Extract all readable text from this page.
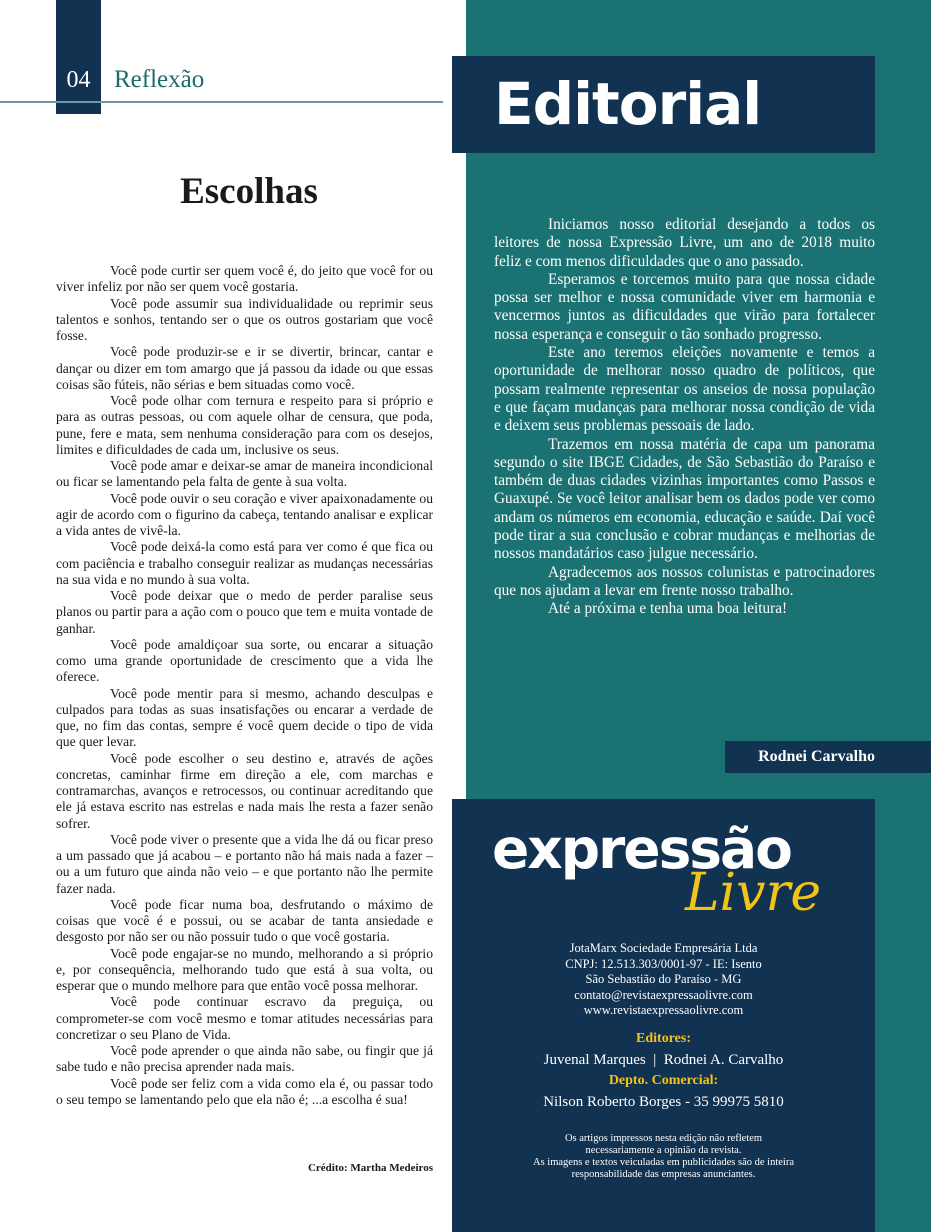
04 Reflexão	Editorial
Escolhas

Você pode curtir ser quem você é, do jeito que você for ou viver infeliz por não ser quem você gostaria.

Você pode assumir sua individualidade ou reprimir seus talentos e sonhos, tentando ser o que os outros gostariam que você fosse.

Você pode produzir-se e ir se divertir, brincar, cantar e dançar ou dizer em tom amargo que já passou da idade ou que essas coisas são fúteis, não sérias e bem situadas como você.

Você pode olhar com ternura e respeito para si próprio e para as outras pessoas, ou com aquele olhar de censura, que poda, pune, fere e mata, sem nenhuma consideração para com os desejos, limites e dificuldades de cada um, inclusive os seus.

Você pode amar e deixar-se amar de maneira incondicional ou ficar se lamentando pela falta de gente à sua volta.

Você pode ouvir o seu coração e viver apaixonadamente ou agir de acordo com o figurino da cabeça, tentando analisar e explicar a vida antes de vivê-la.

Você pode deixá-la como está para ver como é que fica ou com paciência e trabalho conseguir realizar as mudanças necessárias na sua vida e no mundo à sua volta.

Você pode deixar que o medo de perder paralise seus planos ou partir para a ação com o pouco que tem e muita vontade de ganhar.

Você pode amaldiçoar sua sorte, ou encarar a situação como uma grande oportunidade de crescimento que a vida lhe oferece.

Você pode mentir para si mesmo, achando desculpas e culpados para todas as suas insatisfações ou encarar a verdade de que, no fim das contas, sempre é você quem decide o tipo de vida que quer levar.

Você pode escolher o seu destino e, através de ações concretas, caminhar firme em direção a ele, com marchas e contramarchas, avanços e retrocessos, ou continuar acreditando que ele já estava escrito nas estrelas e nada mais lhe resta a fazer senão sofrer.

Você pode viver o presente que a vida lhe dá ou ficar preso a um passado que já acabou – e portanto não há mais nada a fazer – ou a um futuro que ainda não veio – e que portanto não lhe permite fazer nada.

Você pode ficar numa boa, desfrutando o máximo de coisas que você é e possui, ou se acabar de tanta ansiedade e desgosto por não ser ou não possuir tudo o que você gostaria.

Você pode engajar-se no mundo, melhorando a si próprio e, por consequência, melhorando tudo que está à sua volta, ou esperar que o mundo melhore para que então você possa melhorar.

Você pode continuar escravo da preguiça, ou comprometer-se com você mesmo e tomar atitudes necessárias para concretizar o seu Plano de Vida.

Você pode aprender o que ainda não sabe, ou fingir que já sabe tudo e não precisa aprender nada mais.

Você pode ser feliz com a vida como ela é, ou passar todo o seu tempo se lamentando pelo que ela não é; ...a escolha é sua!

Crédito: Martha Medeiros

Iniciamos nosso editorial desejando a todos os leitores de nossa Expressão Livre, um ano de 2018 muito feliz e com menos dificuldades que o ano passado.

Esperamos e torcemos muito para que nossa cidade possa ser melhor e nossa comunidade viver em harmonia e vencermos juntos as dificuldades que virão para fortalecer nossa esperança e conseguir o tão sonhado progresso.

Este ano teremos eleições novamente e temos a oportunidade de melhorar nosso quadro de políticos, que possam realmente representar os anseios de nossa população e que façam mudanças para melhorar nossa condição de vida e deixem seus problemas pessoais de lado.

Trazemos em nossa matéria de capa um panorama segundo o site IBGE Cidades, de São Sebastião do Paraíso e também de duas cidades vizinhas importantes como Passos e Guaxupé. Se você leitor analisar bem os dados pode ver como andam os números em economia, educação e saúde. Daí você pode tirar a sua conclusão e cobrar mudanças e melhorias de nossos mandatários caso julgue necessário.

Agradecemos aos nossos colunistas e patrocinadores que nos ajudam a levar em frente nosso trabalho.

Até a próxima e tenha uma boa leitura!

Rodnei Carvalho
expressão
Livre
JotaMarx Sociedade Empresária Ltda
CNPJ: 12.513.303/0001-97 - IE: Isento
São Sebastião do Paraíso - MG
contato@revistaexpressaolivre.com
www.revistaexpressaolivre.com
Editores:
Juvenal Marques  |  Rodnei A. Carvalho
Depto. Comercial:
Nilson Roberto Borges - 35 99975 5810
Os artigos impressos nesta edição não refletem
necessariamente a opinião da revista.
As imagens e textos veiculadas em publicidades são de inteira
responsabilidade das empresas anunciantes.
